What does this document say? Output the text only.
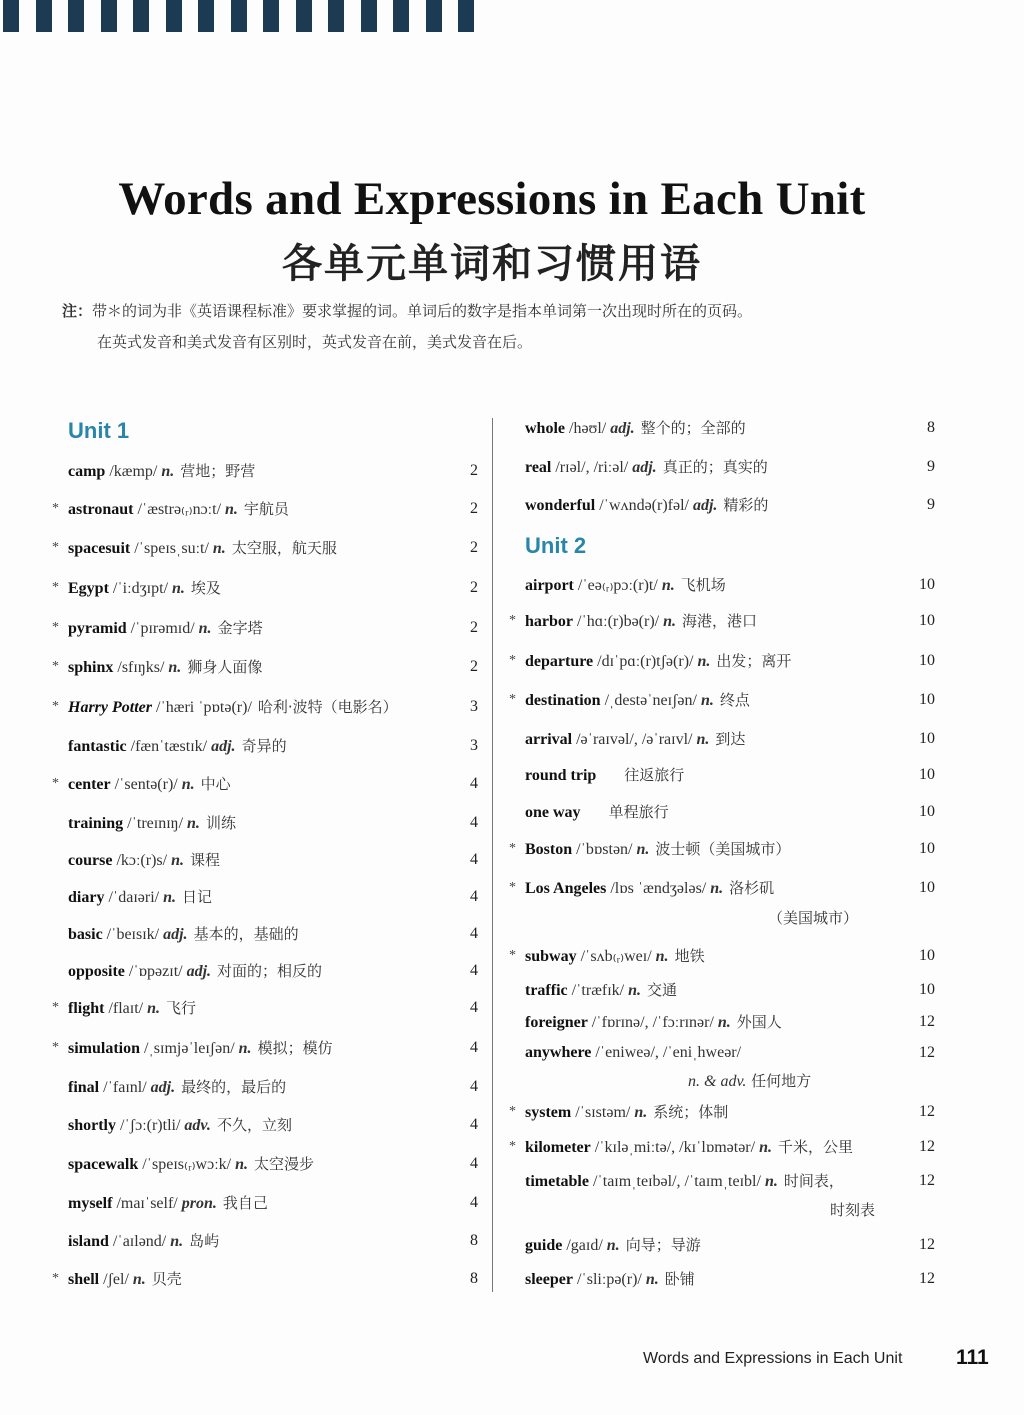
Words and Expressions in Each Unit
各单元单词和习惯用语
注：带＊的词为非《英语课程标准》要求掌握的词。单词后的数字是指本单词第一次出现时所在的页码。
在英式发音和美式发音有区别时，英式发音在前，美式发音在后。
Unit 1
Unit 2
camp /kæmp/ n. 营地；野营	2
* astronaut /ˈæstrə₍ᵣ₎nɔːt/ n. 宇航员	2
* spacesuit /ˈspeɪsˌsuːt/ n. 太空服，航天服	2
* Egypt /ˈiːdʒɪpt/ n. 埃及	2
* pyramid /ˈpɪrəmɪd/ n. 金字塔	2
* sphinx /sfɪŋks/ n. 狮身人面像	2
* Harry Potter /ˈhæri ˈpɒtə(r)/ 哈利·波特（电影名）	3
fantastic /fænˈtæstɪk/ adj. 奇异的	3
* center /ˈsentə(r)/ n. 中心	4
training /ˈtreɪnɪŋ/ n. 训练	4
course /kɔː(r)s/ n. 课程	4
diary /ˈdaɪəri/ n. 日记	4
basic /ˈbeɪsɪk/ adj. 基本的，基础的	4
opposite /ˈɒpəzɪt/ adj. 对面的；相反的	4
* flight /flaɪt/ n. 飞行	4
* simulation /ˌsɪmjəˈleɪʃən/ n. 模拟；模仿	4
final /ˈfaɪnl/ adj. 最终的，最后的	4
shortly /ˈʃɔː(r)tli/ adv. 不久，立刻	4
spacewalk /ˈspeɪs₍ᵣ₎wɔːk/ n. 太空漫步	4
myself /maɪˈself/ pron. 我自己	4
island /ˈaɪlənd/ n. 岛屿	8
* shell /ʃel/ n. 贝壳	8
whole /həʊl/ adj. 整个的；全部的	8
real /rɪəl/, /riːəl/ adj. 真正的；真实的	9
wonderful /ˈwʌndə(r)fəl/ adj. 精彩的	9
airport /ˈeə₍ᵣ₎pɔː(r)t/ n. 飞机场	10
* harbor /ˈhɑː(r)bə(r)/ n. 海港，港口	10
* departure /dɪˈpɑː(r)tʃə(r)/ n. 出发；离开	10
* destination /ˌdestəˈneɪʃən/ n. 终点	10
arrival /əˈraɪvəl/, /əˈraɪvl/ n. 到达	10
round trip 往返旅行	10
one way 单程旅行	10
* Boston /ˈbɒstən/ n. 波士顿（美国城市）	10
* Los Angeles /lɒs ˈændʒələs/ n. 洛杉矶	10
（美国城市）
* subway /ˈsʌb₍ᵣ₎weɪ/ n. 地铁	10
traffic /ˈtræfɪk/ n. 交通	10
foreigner /ˈfɒrɪnə/, /ˈfɔːrɪnər/ n. 外国人	12
anywhere /ˈeniweə/, /ˈeniˌhweər/	12
n. & adv. 任何地方
* system /ˈsɪstəm/ n. 系统；体制	12
* kilometer /ˈkɪləˌmiːtə/, /kɪˈlɒmətər/ n. 千米，公里	12
timetable /ˈtaɪmˌteɪbəl/, /ˈtaɪmˌteɪbl/ n. 时间表，	12
时刻表
guide /gaɪd/ n. 向导；导游	12
sleeper /ˈsliːpə(r)/ n. 卧铺	12
Words and Expressions in Each Unit	111
